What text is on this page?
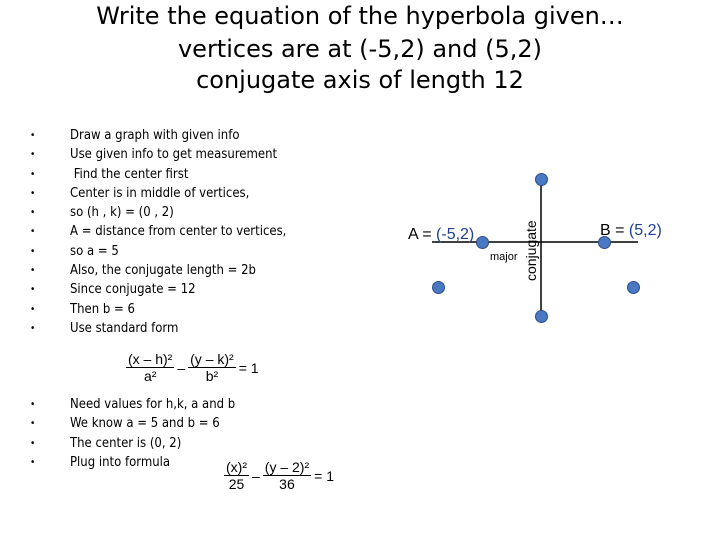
Write the equation of the hyperbola given…
vertices are at (-5,2) and (5,2)
conjugate axis of length 12
• Draw a graph with given info
• Use given info to get measurement
•  Find the center first
• Center is in middle of vertices,
• so (h , k) = (0 , 2)
• A = distance from center to vertices,
• so a = 5
• Also, the conjugate length = 2b
• Since conjugate = 12
• Then b = 6
• Use standard form
$\frac{\text{(x – h)²}}{\text{a²}} - \frac{\text{(y – k)²}}{\text{b²}} = 1$
• Need values for h,k, a and b
• We know a = 5 and b = 6
• The center is (0, 2)
• Plug into formula	$\frac{\text{(x)²}}{25} - \frac{\text{(y – 2)²}}{36} = 1$
A = (-5,2)	B = (5,2)
major conjugate
